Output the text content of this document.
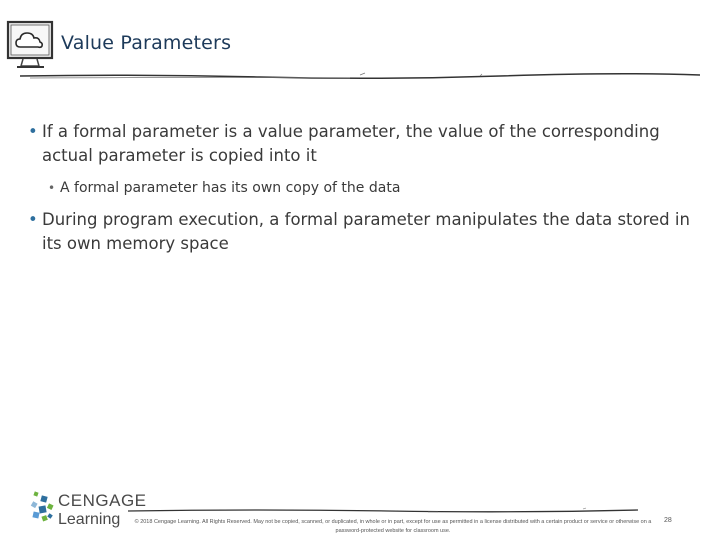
Value Parameters
• If a formal parameter is a value parameter, the value of the corresponding actual parameter is copied into it
• A formal parameter has its own copy of the data
• During program execution, a formal parameter manipulates the data stored in its own memory space
CENGAGE
Learning	© 2018 Cengage Learning. All Rights Reserved. May not be copied, scanned, or duplicated, in whole or in part, except for use as permitted in a license distributed with a certain product or service or otherwise on a password-protected website for classroom use.
28
